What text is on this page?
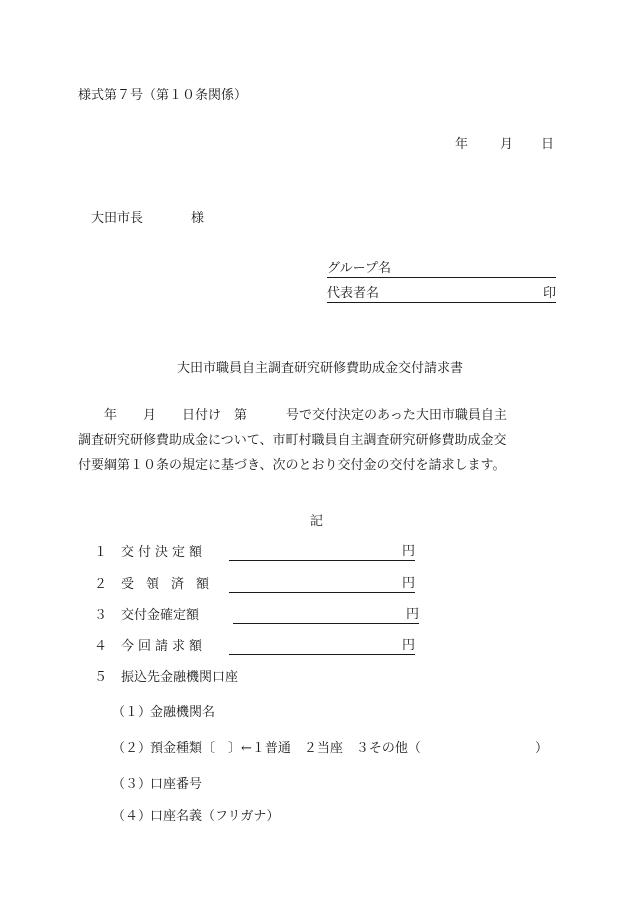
様式第７号（第１０条関係）
年 月 日
大田市長	様
グループ名
代表者名	印
大田市職員自主調査研究研修費助成金交付請求書

　　年　　月　　日付け　第　　　号で交付決定のあった大田市職員自主

調査研究研修費助成金について、市町村職員自主調査研究研修費助成金交

付要綱第１０条の規定に基づき、次のとおり交付金の交付を請求します。

記
１ 交付決定額	円
２ 受領済額	円
３ 交付金確定額	円
４ 今回請求額	円
５ 振込先金融機関口座
（１）
金融機関名
（２）
預金種類〔　〕←１普通　２当座　３その他（	）
（３）
口座番号
（４）
口座名義（フリガナ）
